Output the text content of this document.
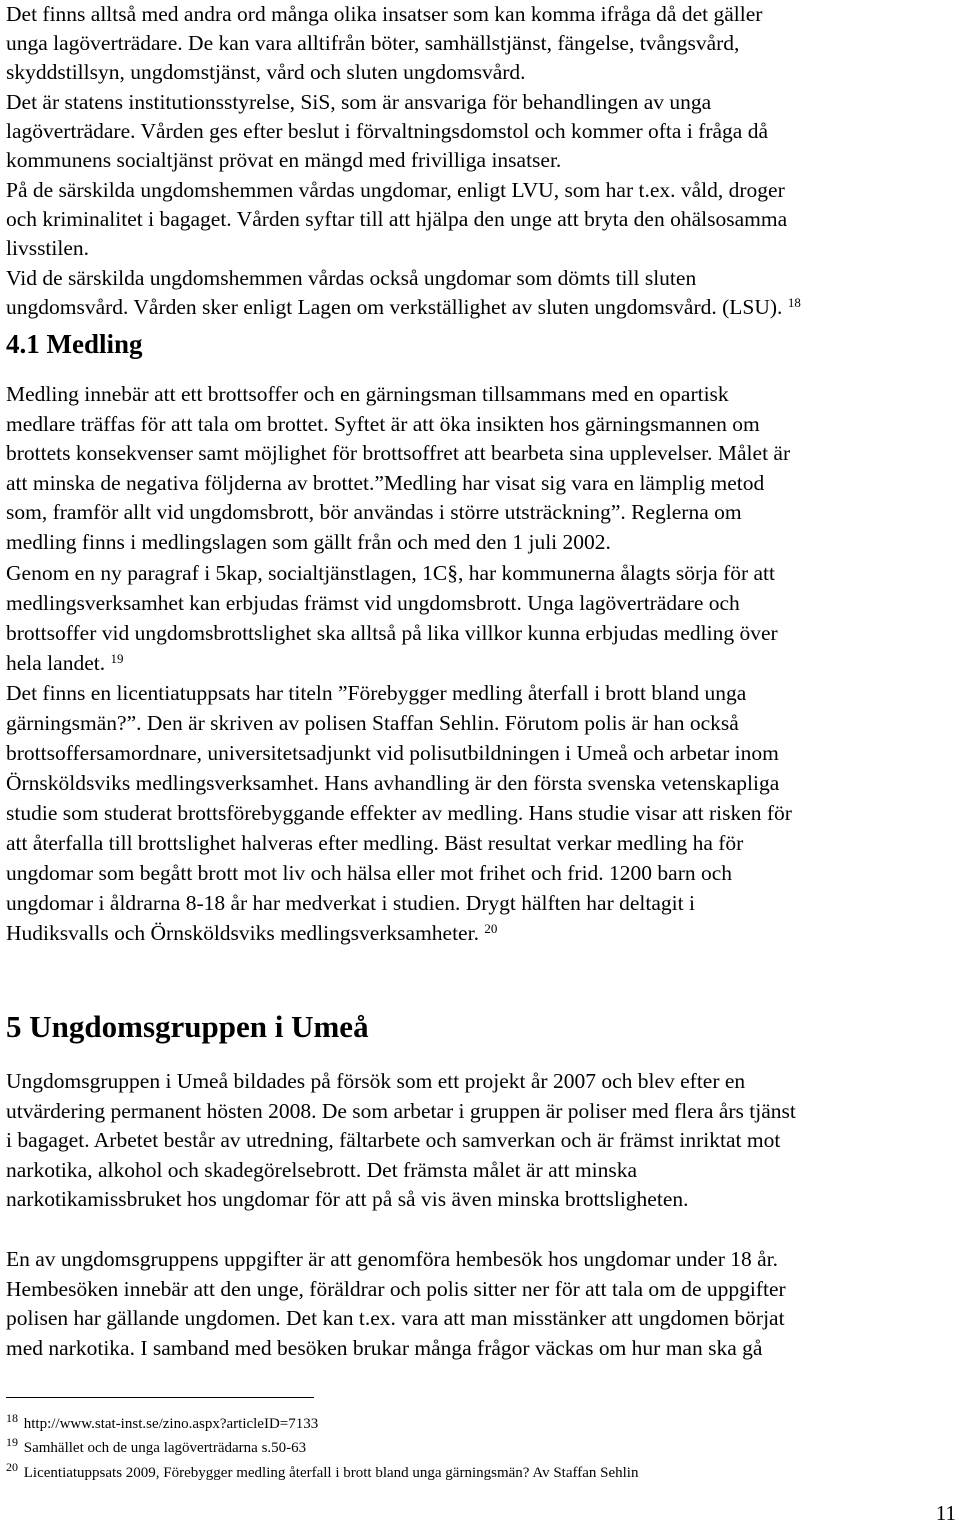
Det finns alltså med andra ord många olika insatser som kan komma ifråga då det gäller
unga lagöverträdare. De kan vara alltifrån böter, samhällstjänst, fängelse, tvångsvård,
skyddstillsyn, ungdomstjänst, vård och sluten ungdomsvård.
Det är statens institutionsstyrelse, SiS, som är ansvariga för behandlingen av unga
lagöverträdare. Vården ges efter beslut i förvaltningsdomstol och kommer ofta i fråga då
kommunens socialtjänst prövat en mängd med frivilliga insatser.
På de särskilda ungdomshemmen vårdas ungdomar, enligt LVU, som har t.ex. våld, droger
och kriminalitet i bagaget. Vården syftar till att hjälpa den unge att bryta den ohälsosamma
livsstilen.
Vid de särskilda ungdomshemmen vårdas också ungdomar som dömts till sluten
ungdomsvård. Vården sker enligt Lagen om verkställighet av sluten ungdomsvård. (LSU). $^{18}$
4.1 Medling
Medling innebär att ett brottsoffer och en gärningsman tillsammans med en opartisk
medlare träffas för att tala om brottet. Syftet är att öka insikten hos gärningsmannen om
brottets konsekvenser samt möjlighet för brottsoffret att bearbeta sina upplevelser. Målet är
att minska de negativa följderna av brottet.”Medling har visat sig vara en lämplig metod
som, framför allt vid ungdomsbrott, bör användas i större utsträckning”. Reglerna om
medling finns i medlingslagen som gällt från och med den 1 juli 2002.
Genom en ny paragraf i 5kap, socialtjänstlagen, 1C§, har kommunerna ålagts sörja för att
medlingsverksamhet kan erbjudas främst vid ungdomsbrott. Unga lagöverträdare och
brottsoffer vid ungdomsbrottslighet ska alltså på lika villkor kunna erbjudas medling över
hela landet. $^{19}$
Det finns en licentiatuppsats har titeln ”Förebygger medling återfall i brott bland unga
gärningsmän?”. Den är skriven av polisen Staffan Sehlin. Förutom polis är han också
brottsoffersamordnare, universitetsadjunkt vid polisutbildningen i Umeå och arbetar inom
Örnsköldsviks medlingsverksamhet. Hans avhandling är den första svenska vetenskapliga
studie som studerat brottsförebyggande effekter av medling. Hans studie visar att risken för
att återfalla till brottslighet halveras efter medling. Bäst resultat verkar medling ha för
ungdomar som begått brott mot liv och hälsa eller mot frihet och frid. 1200 barn och
ungdomar i åldrarna 8-18 år har medverkat i studien. Drygt hälften har deltagit i
Hudiksvalls och Örnsköldsviks medlingsverksamheter. $^{20}$
5 Ungdomsgruppen i Umeå
Ungdomsgruppen i Umeå bildades på försök som ett projekt år 2007 och blev efter en
utvärdering permanent hösten 2008. De som arbetar i gruppen är poliser med flera års tjänst
i bagaget. Arbetet består av utredning, fältarbete och samverkan och är främst inriktat mot
narkotika, alkohol och skadegörelsebrott. Det främsta målet är att minska
narkotikamissbruket hos ungdomar för att på så vis även minska brottsligheten.
En av ungdomsgruppens uppgifter är att genomföra hembesök hos ungdomar under 18 år.
Hembesöken innebär att den unge, föräldrar och polis sitter ner för att tala om de uppgifter
polisen har gällande ungdomen. Det kan t.ex. vara att man misstänker att ungdomen börjat
med narkotika. I samband med besöken brukar många frågor väckas om hur man ska gå
$^{18}$ http://www.stat-inst.se/zino.aspx?articleID=7133
$^{19}$ Samhället och de unga lagöverträdarna s.50-63
$^{20}$ Licentiatuppsats 2009, Förebygger medling återfall i brott bland unga gärningsmän? Av Staffan Sehlin
11
